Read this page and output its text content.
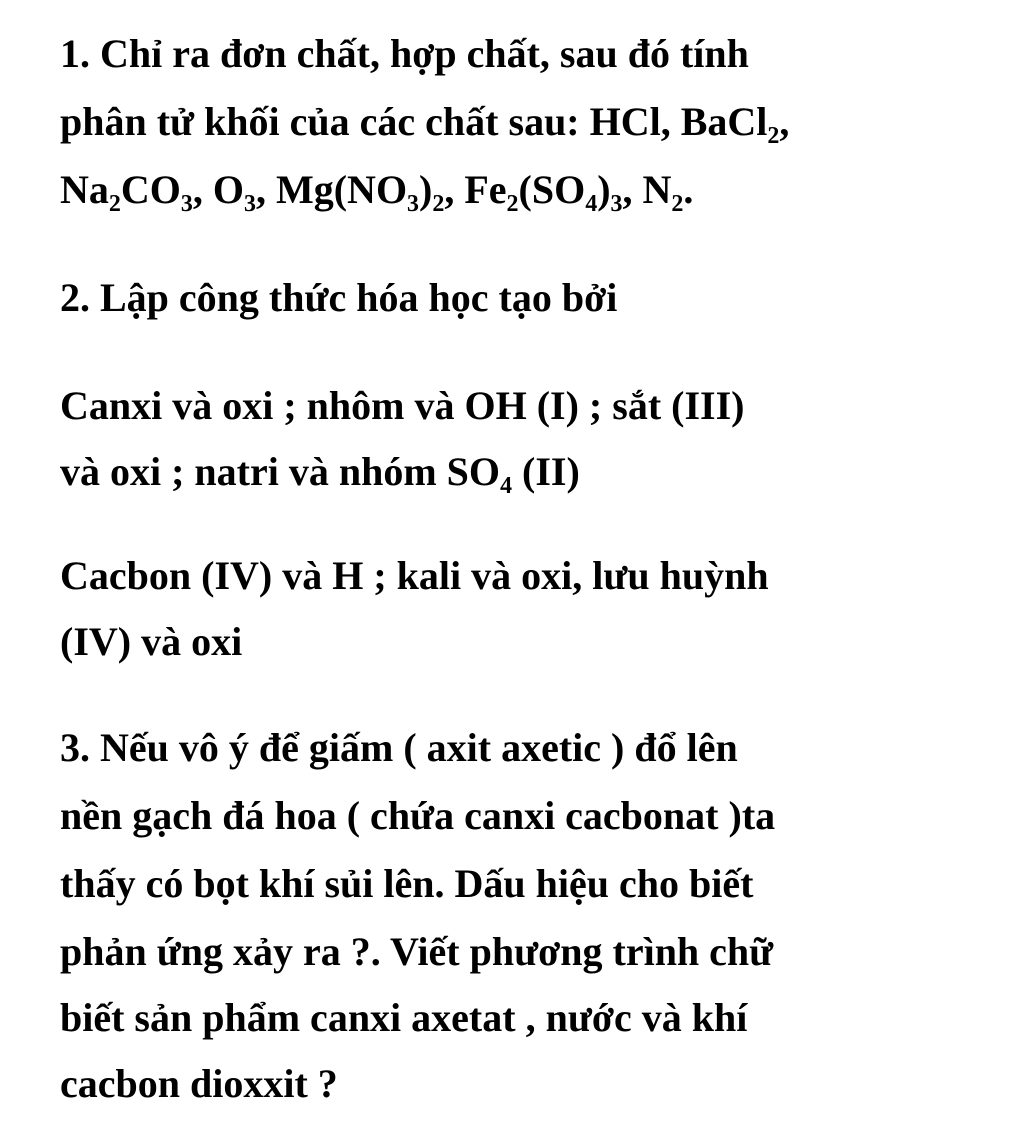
1. Chỉ ra đơn chất, hợp chất, sau đó tính
phân tử khối của các chất sau: HCl, BaCl₂,
Na₂CO₃, O₃, Mg(NO₃)₂, Fe₂(SO₄)₃, N₂.
2. Lập công thức hóa học tạo bởi
Canxi và oxi ; nhôm và OH (I) ; sắt (III)
và oxi ; natri và nhóm SO₄ (II)
Cacbon (IV) và H ; kali và oxi, lưu huỳnh
(IV) và oxi
3. Nếu vô ý để giấm ( axit axetic ) đổ lên
nền gạch đá hoa ( chứa canxi cacbonat )ta
thấy có bọt khí sủi lên. Dấu hiệu cho biết
phản ứng xảy ra ?. Viết phương trình chữ
biết sản phẩm canxi axetat , nước và khí
cacbon dioxxit ?
